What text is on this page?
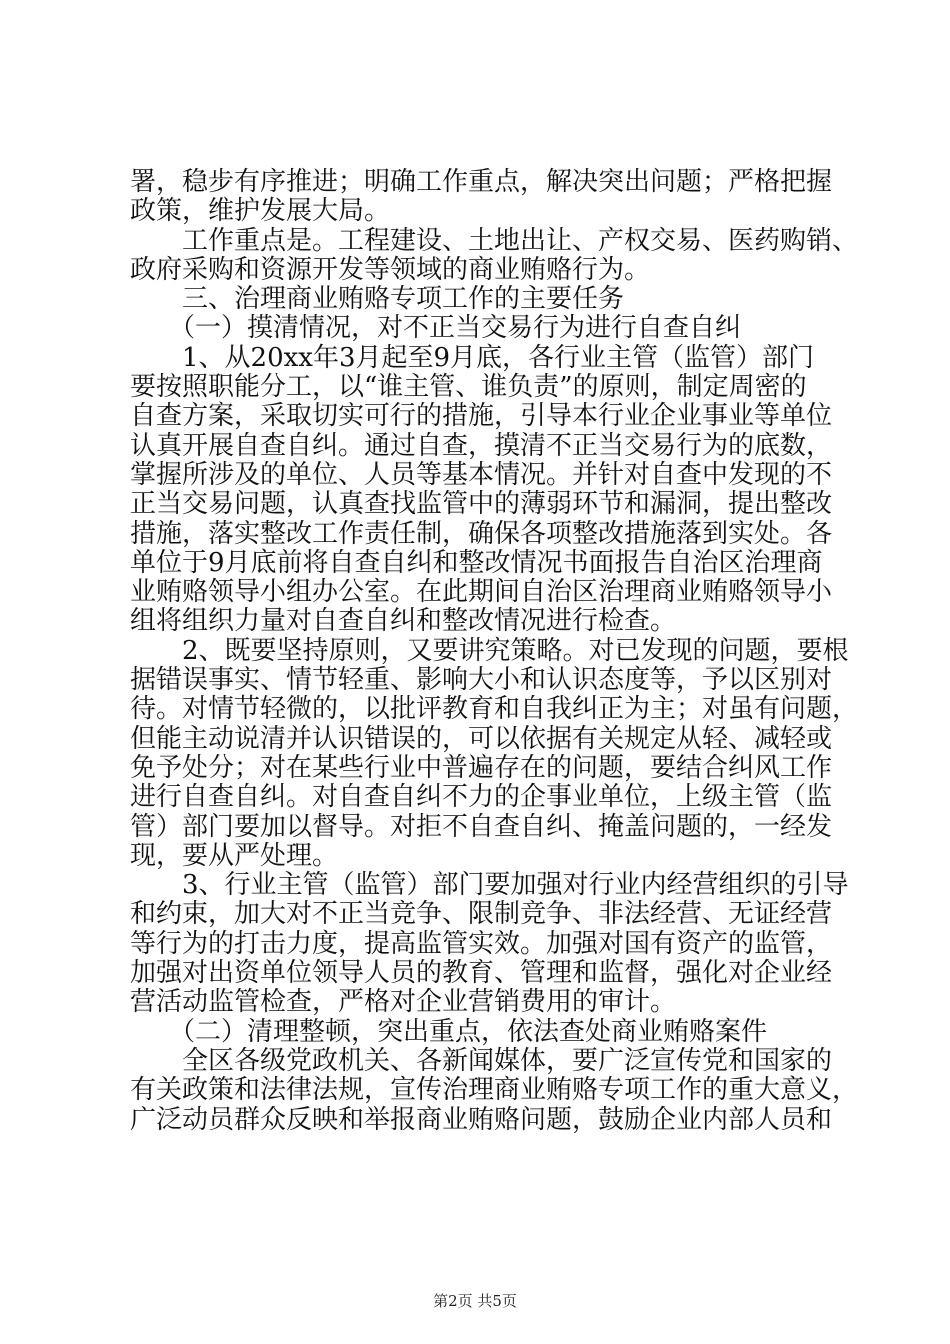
署，稳步有序推进；明确工作重点，解决突出问题；严格把握
政策，维护发展大局。
　　工作重点是。工程建设、土地出让、产权交易、医药购销、
政府采购和资源开发等领域的商业贿赂行为。
　　三、治理商业贿赂专项工作的主要任务
　　（一）摸清情况，对不正当交易行为进行自查自纠
　　1、从20xx年3月起至9月底，各行业主管（监管）部门
要按照职能分工，以“谁主管、谁负责”的原则，制定周密的
自查方案，采取切实可行的措施，引导本行业企业事业等单位
认真开展自查自纠。通过自查，摸清不正当交易行为的底数，
掌握所涉及的单位、人员等基本情况。并针对自查中发现的不
正当交易问题，认真查找监管中的薄弱环节和漏洞，提出整改
措施，落实整改工作责任制，确保各项整改措施落到实处。各
单位于9月底前将自查自纠和整改情况书面报告自治区治理商
业贿赂领导小组办公室。在此期间自治区治理商业贿赂领导小
组将组织力量对自查自纠和整改情况进行检查。
　　2、既要坚持原则，又要讲究策略。对已发现的问题，要根
据错误事实、情节轻重、影响大小和认识态度等，予以区别对
待。对情节轻微的，以批评教育和自我纠正为主；对虽有问题，
但能主动说清并认识错误的，可以依据有关规定从轻、减轻或
免予处分；对在某些行业中普遍存在的问题，要结合纠风工作
进行自查自纠。对自查自纠不力的企事业单位，上级主管（监
管）部门要加以督导。对拒不自查自纠、掩盖问题的，一经发
现，要从严处理。
　　3、行业主管（监管）部门要加强对行业内经营组织的引导
和约束，加大对不正当竞争、限制竞争、非法经营、无证经营
等行为的打击力度，提高监管实效。加强对国有资产的监管，
加强对出资单位领导人员的教育、管理和监督，强化对企业经
营活动监管检查，严格对企业营销费用的审计。
　　（二）清理整顿，突出重点，依法查处商业贿赂案件
　　全区各级党政机关、各新闻媒体，要广泛宣传党和国家的
有关政策和法律法规，宣传治理商业贿赂专项工作的重大意义，
广泛动员群众反映和举报商业贿赂问题，鼓励企业内部人员和
第2页 共5页
